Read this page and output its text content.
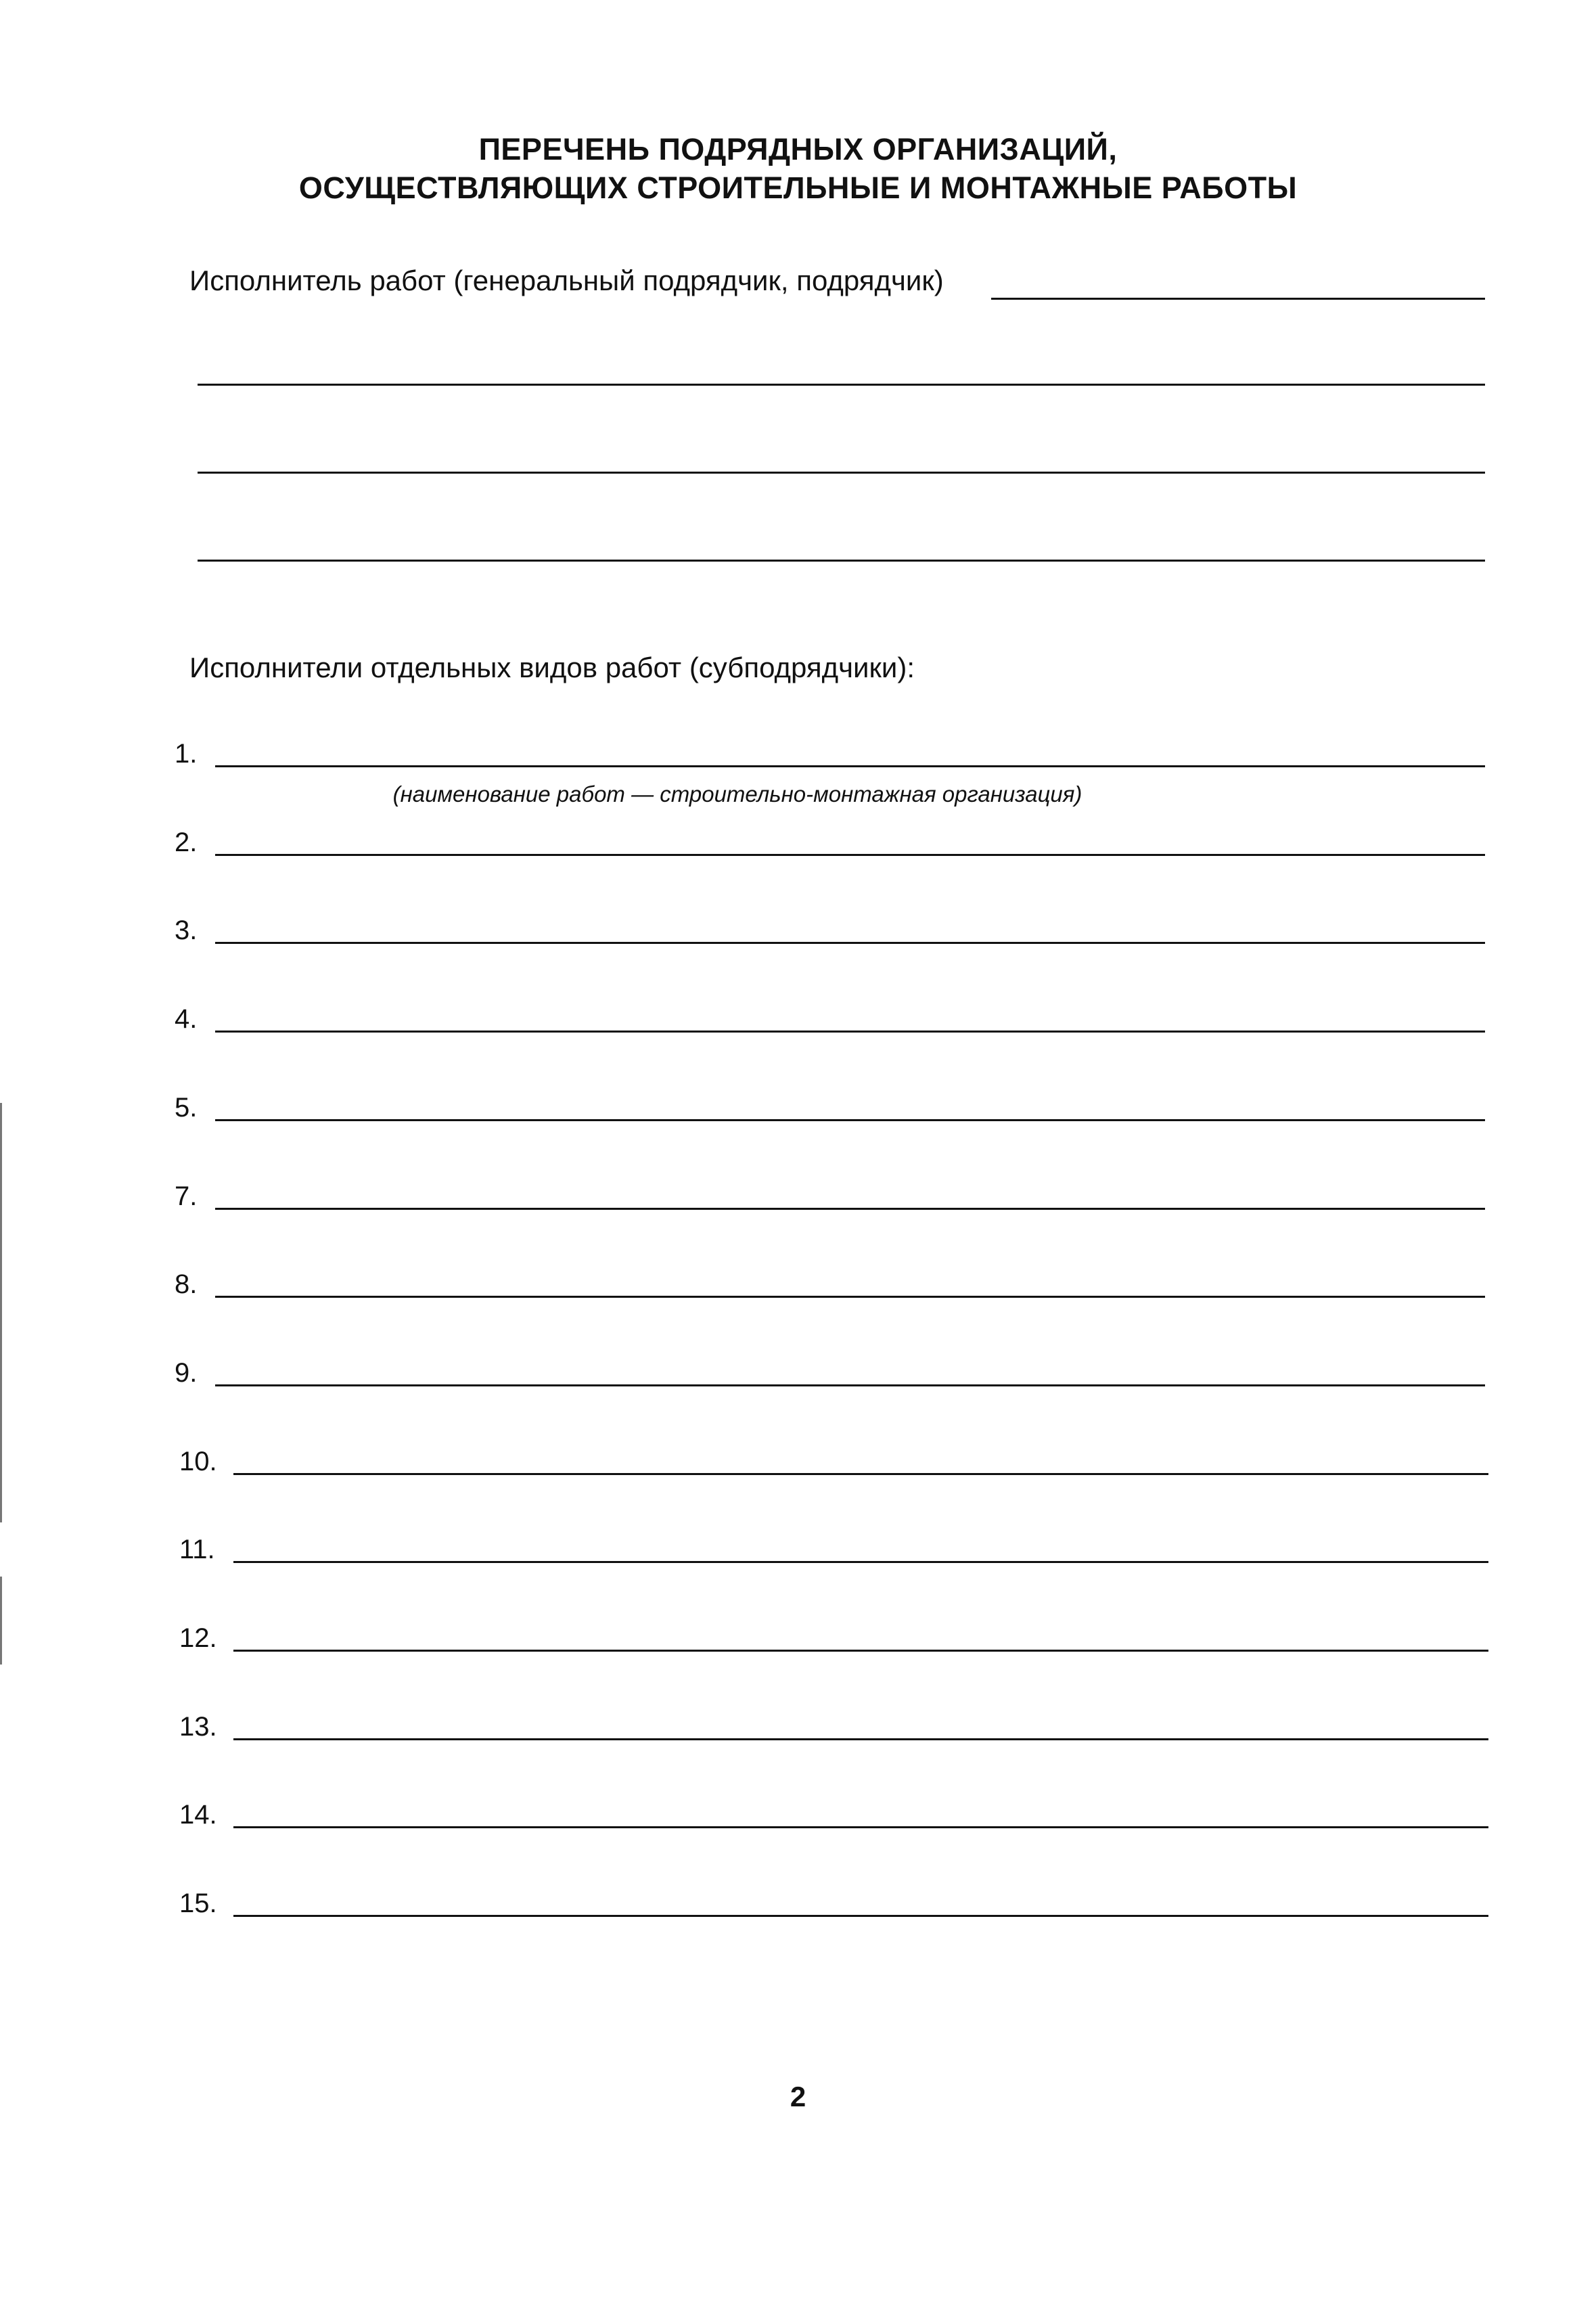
ПЕРЕЧЕНЬ ПОДРЯДНЫХ ОРГАНИЗАЦИЙ,
ОСУЩЕСТВЛЯЮЩИХ СТРОИТЕЛЬНЫЕ И МОНТАЖНЫЕ РАБОТЫ
Исполнитель работ (генеральный подрядчик, подрядчик)
Исполнители отдельных видов работ (субподрядчики):
1.
2.
3.
4.
5.
7.
8.
9.
10.
11.
12.
13.
14.
15.
(наименование работ — строительно-монтажная организация)
2
